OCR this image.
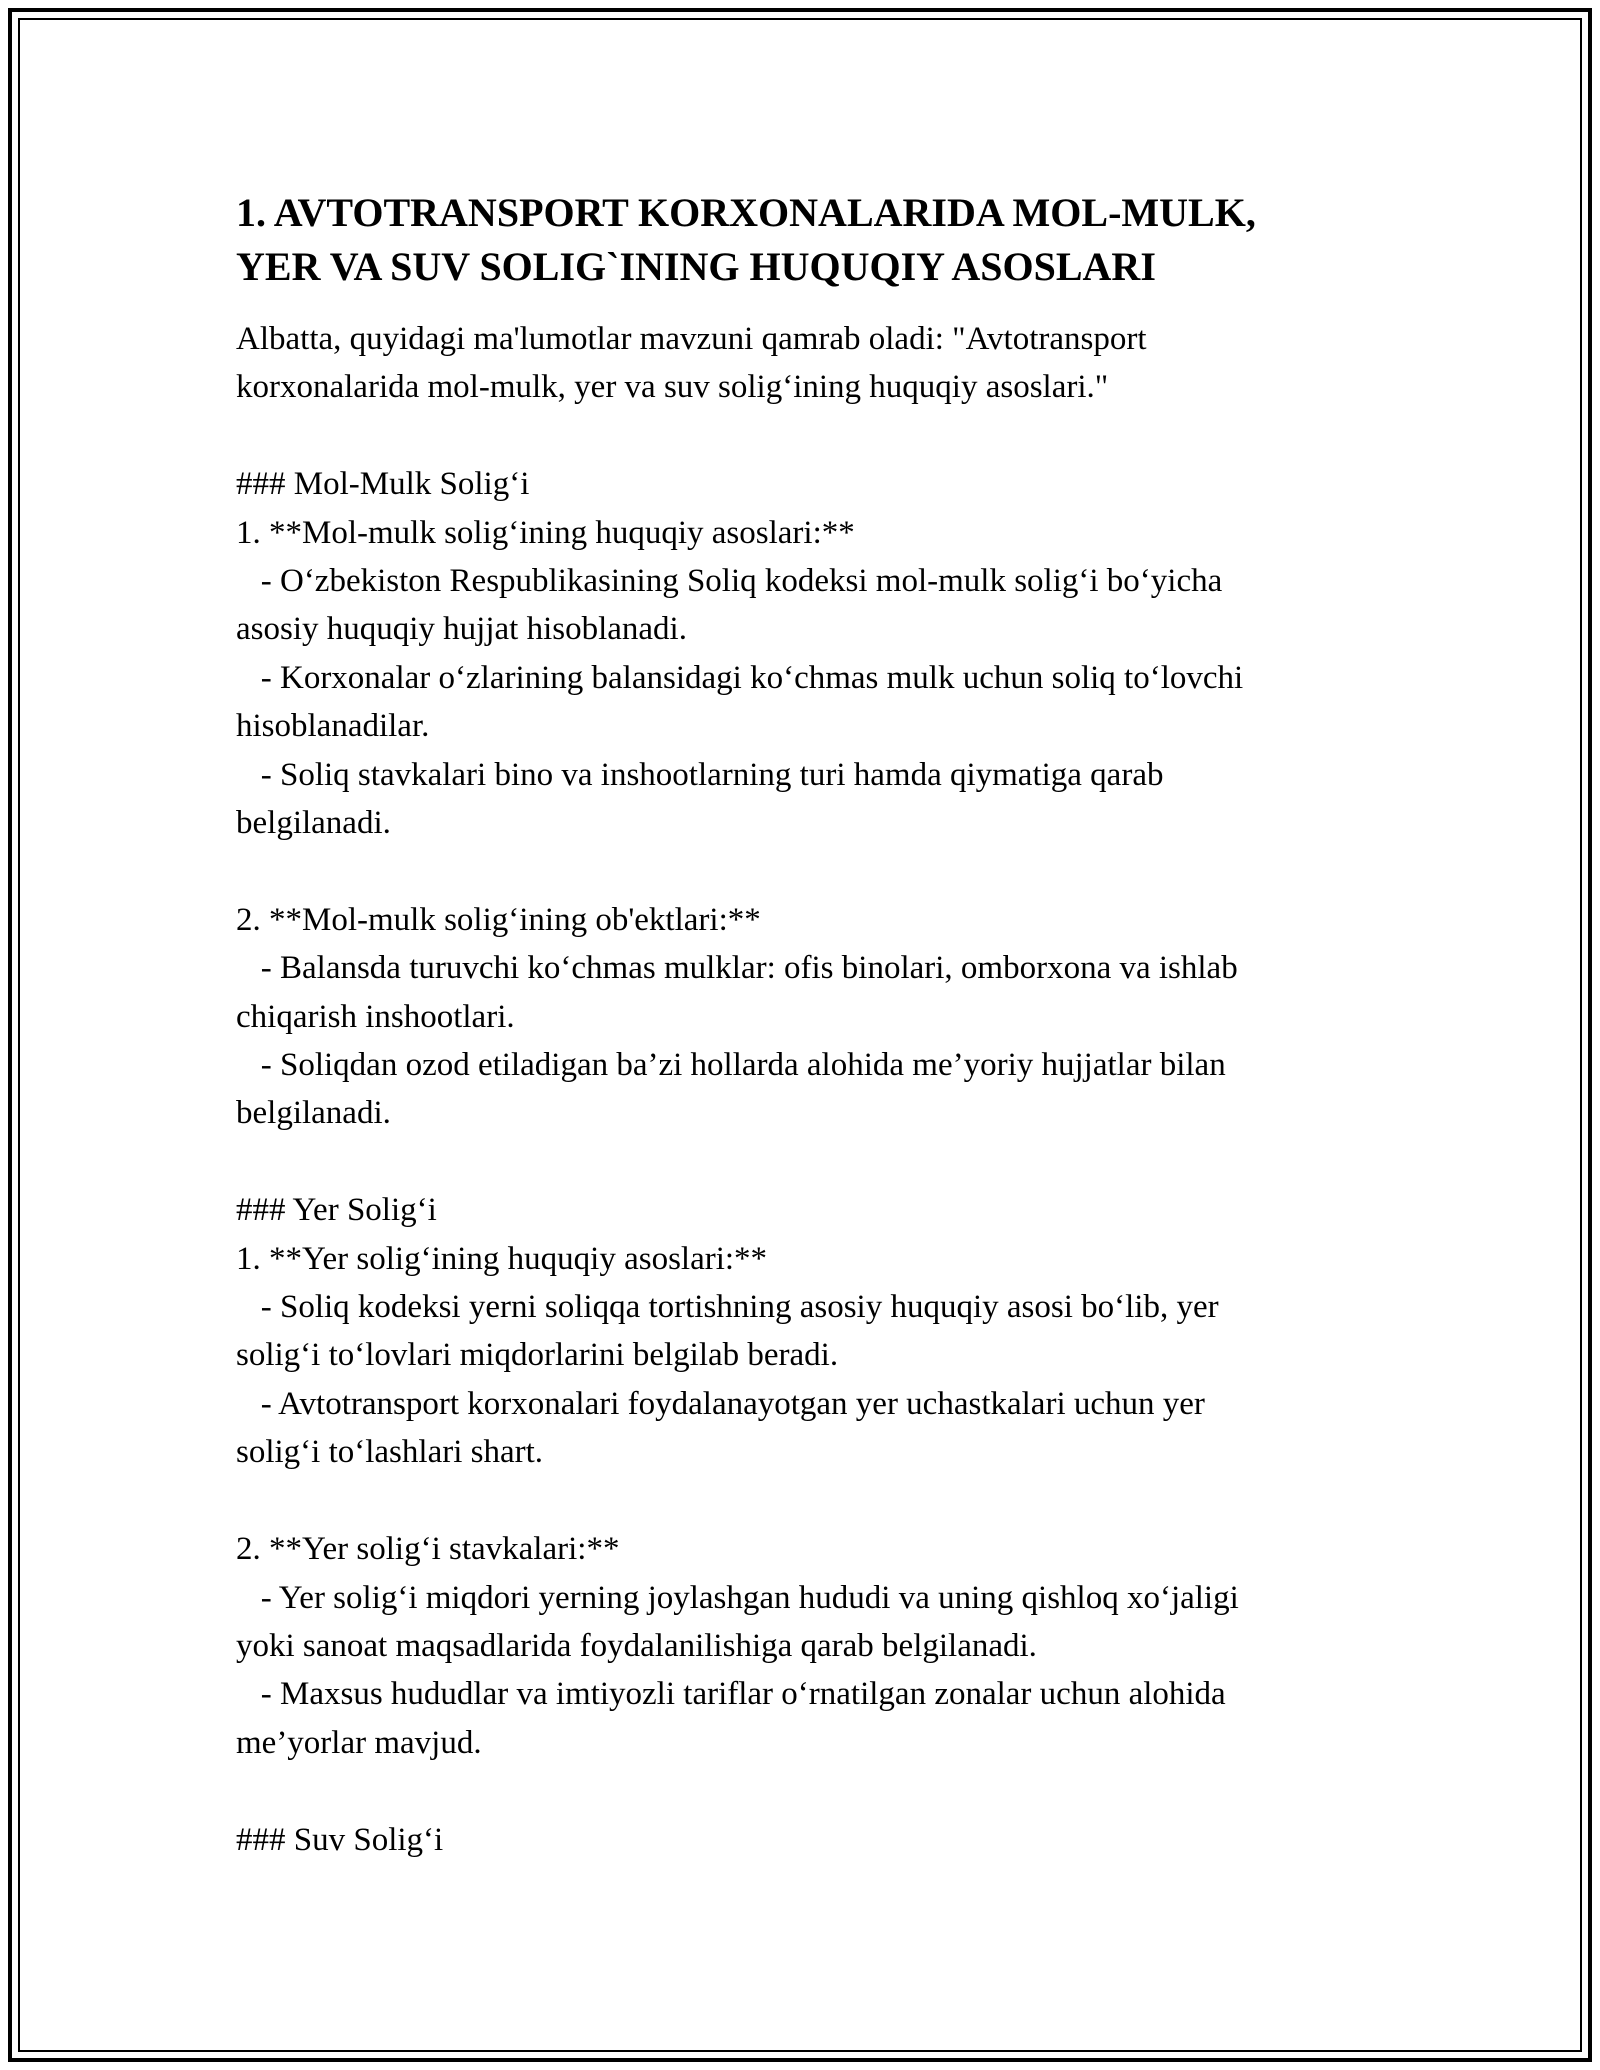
1. AVTOTRANSPORT KORXONALARIDA MOL-MULK,
YER VA SUV SOLIG`INING HUQUQIY ASOSLARI
Albatta, quyidagi ma'lumotlar mavzuni qamrab oladi: "Avtotransport
korxonalarida mol-mulk, yer va suv solig‘ining huquqiy asoslari."
### Mol-Mulk Solig‘i
1. **Mol-mulk solig‘ining huquqiy asoslari:**
- O‘zbekiston Respublikasining Soliq kodeksi mol-mulk solig‘i bo‘yicha
asosiy huquqiy hujjat hisoblanadi.
- Korxonalar o‘zlarining balansidagi ko‘chmas mulk uchun soliq to‘lovchi
hisoblanadilar.
- Soliq stavkalari bino va inshootlarning turi hamda qiymatiga qarab
belgilanadi.
2. **Mol-mulk solig‘ining ob'ektlari:**
- Balansda turuvchi ko‘chmas mulklar: ofis binolari, omborxona va ishlab
chiqarish inshootlari.
- Soliqdan ozod etiladigan ba’zi hollarda alohida me’yoriy hujjatlar bilan
belgilanadi.
### Yer Solig‘i
1. **Yer solig‘ining huquqiy asoslari:**
- Soliq kodeksi yerni soliqqa tortishning asosiy huquqiy asosi bo‘lib, yer
solig‘i to‘lovlari miqdorlarini belgilab beradi.
- Avtotransport korxonalari foydalanayotgan yer uchastkalari uchun yer
solig‘i to‘lashlari shart.
2. **Yer solig‘i stavkalari:**
- Yer solig‘i miqdori yerning joylashgan hududi va uning qishloq xo‘jaligi
yoki sanoat maqsadlarida foydalanilishiga qarab belgilanadi.
- Maxsus hududlar va imtiyozli tariflar o‘rnatilgan zonalar uchun alohida
me’yorlar mavjud.
### Suv Solig‘i
